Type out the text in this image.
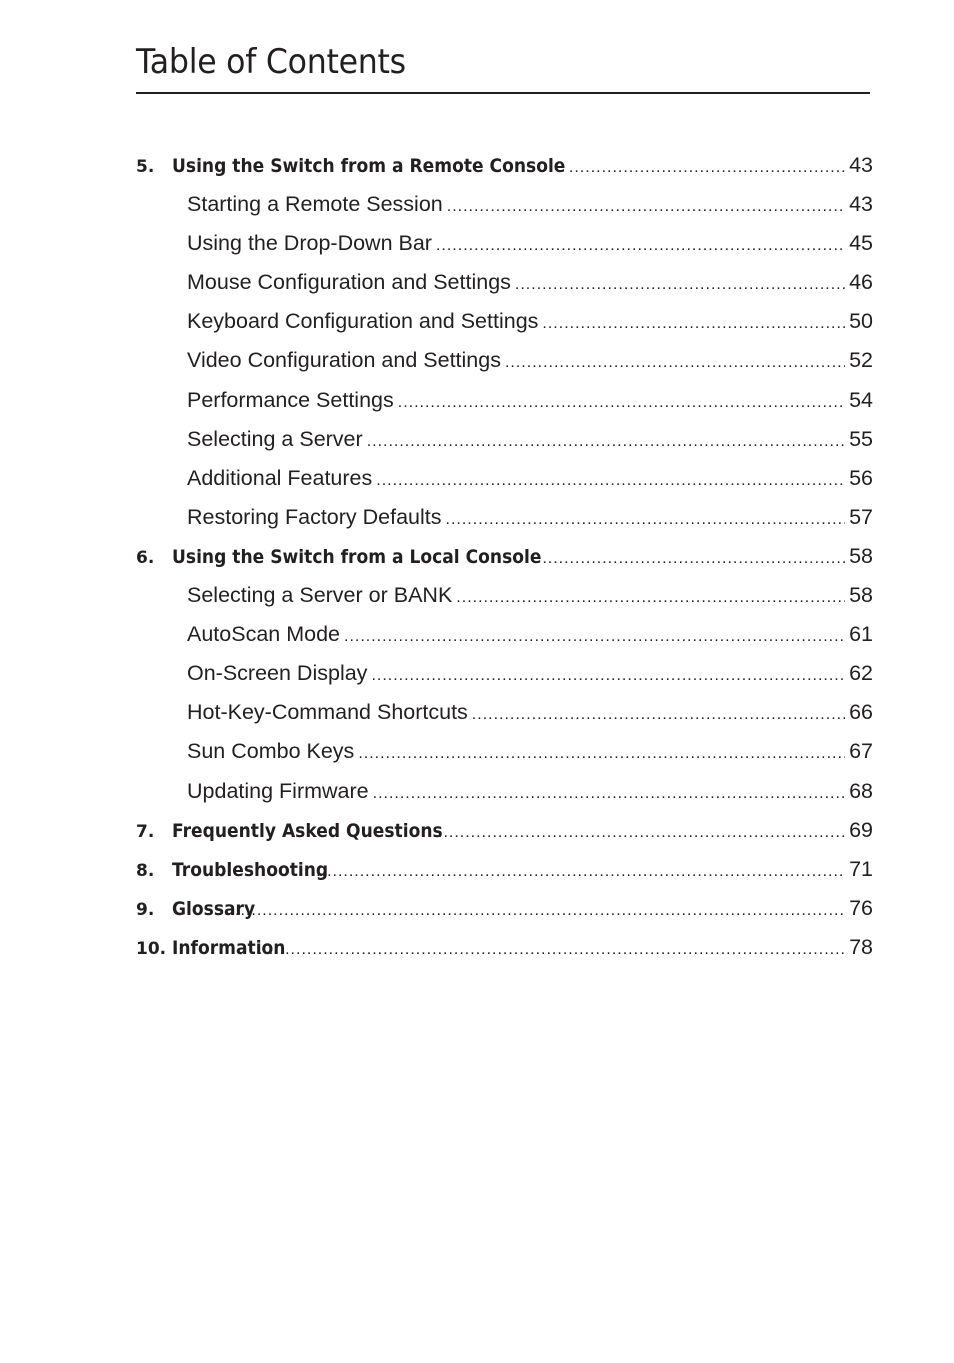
Table of Contents
5. Using the Switch from a Remote Console .....	43
Starting a Remote Session .....	43
Using the Drop-Down Bar .....	45
Mouse Configuration and Settings .....	46
Keyboard Configuration and Settings .....	50
Video Configuration and Settings .....	52
Performance Settings .....	54
Selecting a Server .....	55
Additional Features .....	56
Restoring Factory Defaults .....	57
6. Using the Switch from a Local Console .....	58
Selecting a Server or BANK .....	58
AutoScan Mode .....	61
On-Screen Display .....	62
Hot-Key-Command Shortcuts .....	66
Sun Combo Keys .....	67
Updating Firmware .....	68
7. Frequently Asked Questions .....	69
8. Troubleshooting .....	71
9. Glossary .....	76
10. Information .....	78
